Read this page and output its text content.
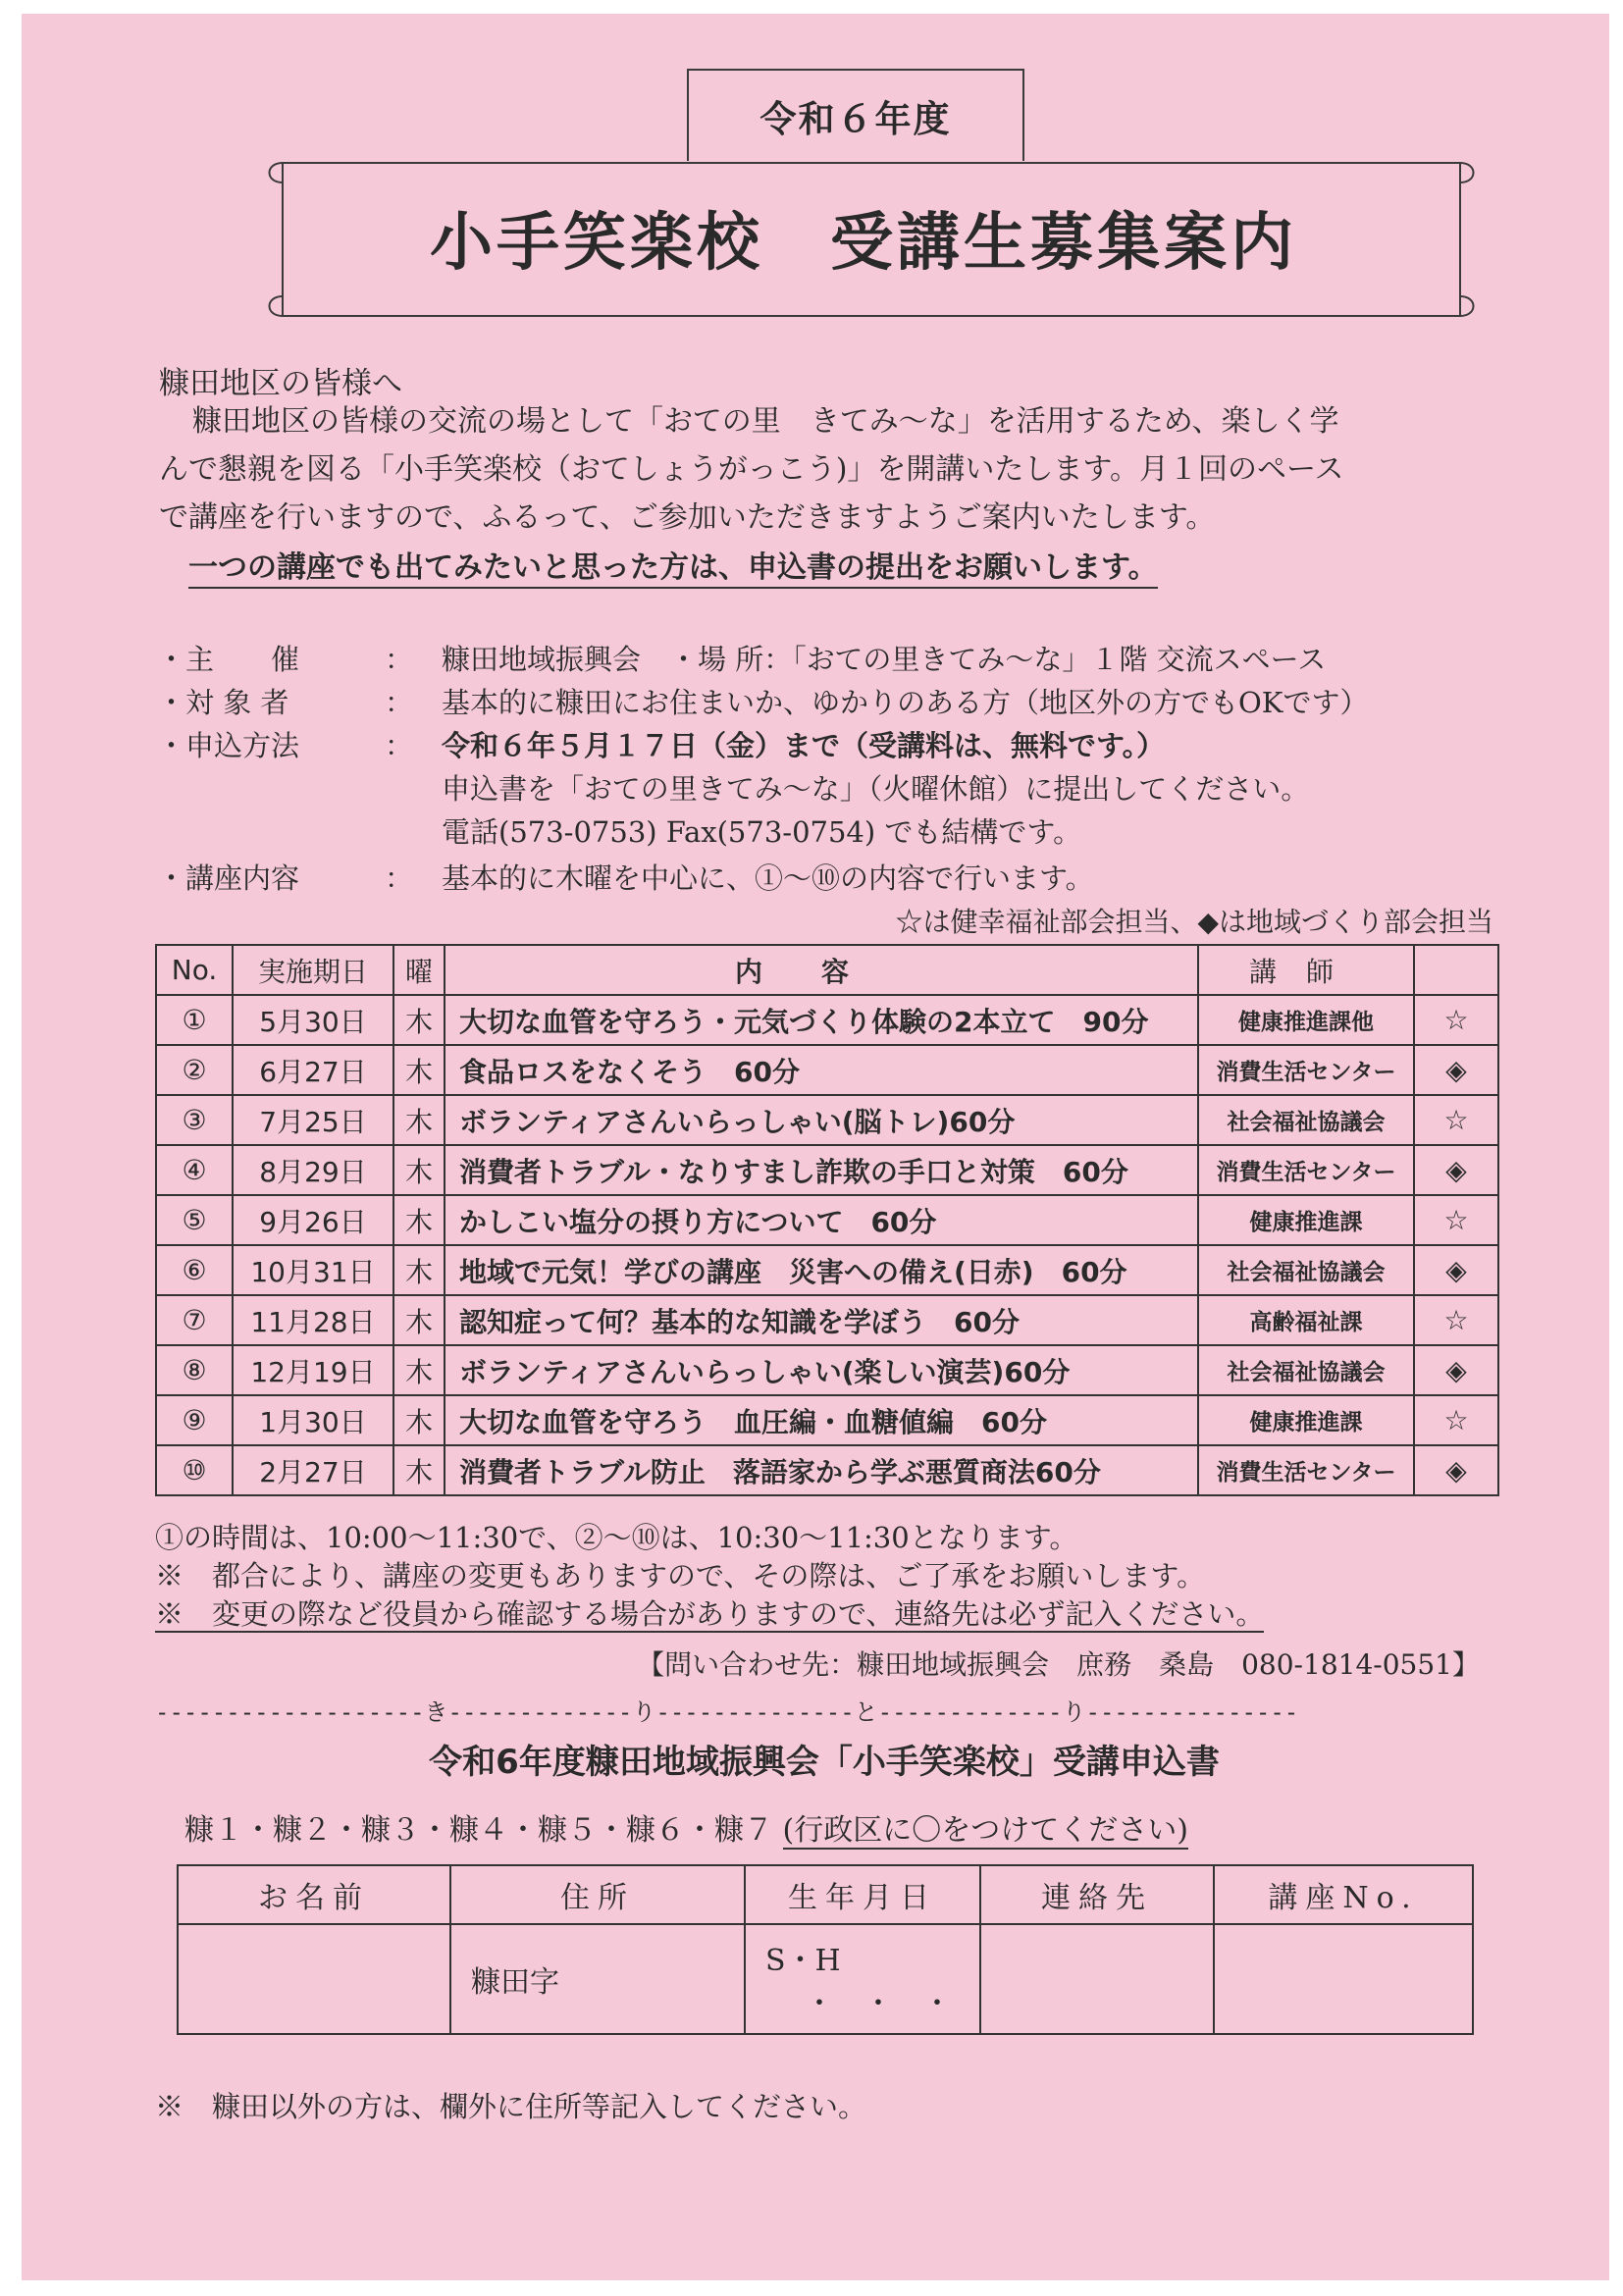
令和６年度
小手笑楽校　受講生募集案内
糠田地区の皆様へ

糠田地区の皆様の交流の場として「おての里　きてみ～な」を活用するため、楽しく学

んで懇親を図る「小手笑楽校（おてしょうがっこう)」を開講いたします。月１回のペース

で講座を行いますので、ふるって、ご参加いただきますようご案内いたします。

一つの講座でも出てみたいと思った方は、申込書の提出をお願いします。
・主　　催	： 糠田地域振興会　・場 所：「おての里きてみ～な」１階 交流スペース
・対 象 者	： 基本的に糠田にお住まいか、ゆかりのある方（地区外の方でもOKです）
・申込方法	： 令和６年５月１７日（金）まで（受講料は、無料です。）
申込書を「おての里きてみ～な」（火曜休館）に提出してください。
電話(573-0753) Fax(573-0754) でも結構です。
・講座内容	： 基本的に木曜を中心に、①～⑩の内容で行います。
☆は健幸福祉部会担当、◆は地域づくり部会担当
No.	実施期日	曜	内容	講師	
①	5月30日	木	大切な血管を守ろう・元気づくり体験の2本立て　90分	健康推進課他	☆
②	6月27日	木	食品ロスをなくそう　60分	消費生活センター	◈
③	7月25日	木	ボランティアさんいらっしゃい(脳トレ)60分	社会福祉協議会	☆
④	8月29日	木	消費者トラブル・なりすまし詐欺の手口と対策　60分	消費生活センター	◈
⑤	9月26日	木	かしこい塩分の摂り方について　60分	健康推進課	☆
⑥	10月31日	木	地域で元気！学びの講座　災害への備え(日赤)　60分	社会福祉協議会	◈
⑦	11月28日	木	認知症って何？基本的な知識を学ぼう　60分	高齢福祉課	☆
⑧	12月19日	木	ボランティアさんいらっしゃい(楽しい演芸)60分	社会福祉協議会	◈
⑨	1月30日	木	大切な血管を守ろう　血圧編・血糖値編　60分	健康推進課	☆
⑩	2月27日	木	消費者トラブル防止　落語家から学ぶ悪質商法60分	消費生活センター	◈

①の時間は、10:00～11:30で、②～⑩は、10:30～11:30となります。

※　都合により、講座の変更もありますので、その際は、ご了承をお願いします。

※　変更の際など役員から確認する場合がありますので、連絡先は必ず記入ください。

【問い合わせ先：糠田地域振興会　庶務　桑島　080-1814-0551】
-------------------き-------------り--------------と-------------り---------------
令和6年度糠田地域振興会「小手笑楽校」受講申込書
糠１・糠２・糠３・糠４・糠５・糠６・糠７ (行政区に〇をつけてください)
お名前	住所	生年月日	連絡先	講座No.
	糠田字	S・H
・　・　・		

※　糠田以外の方は、欄外に住所等記入してください。
